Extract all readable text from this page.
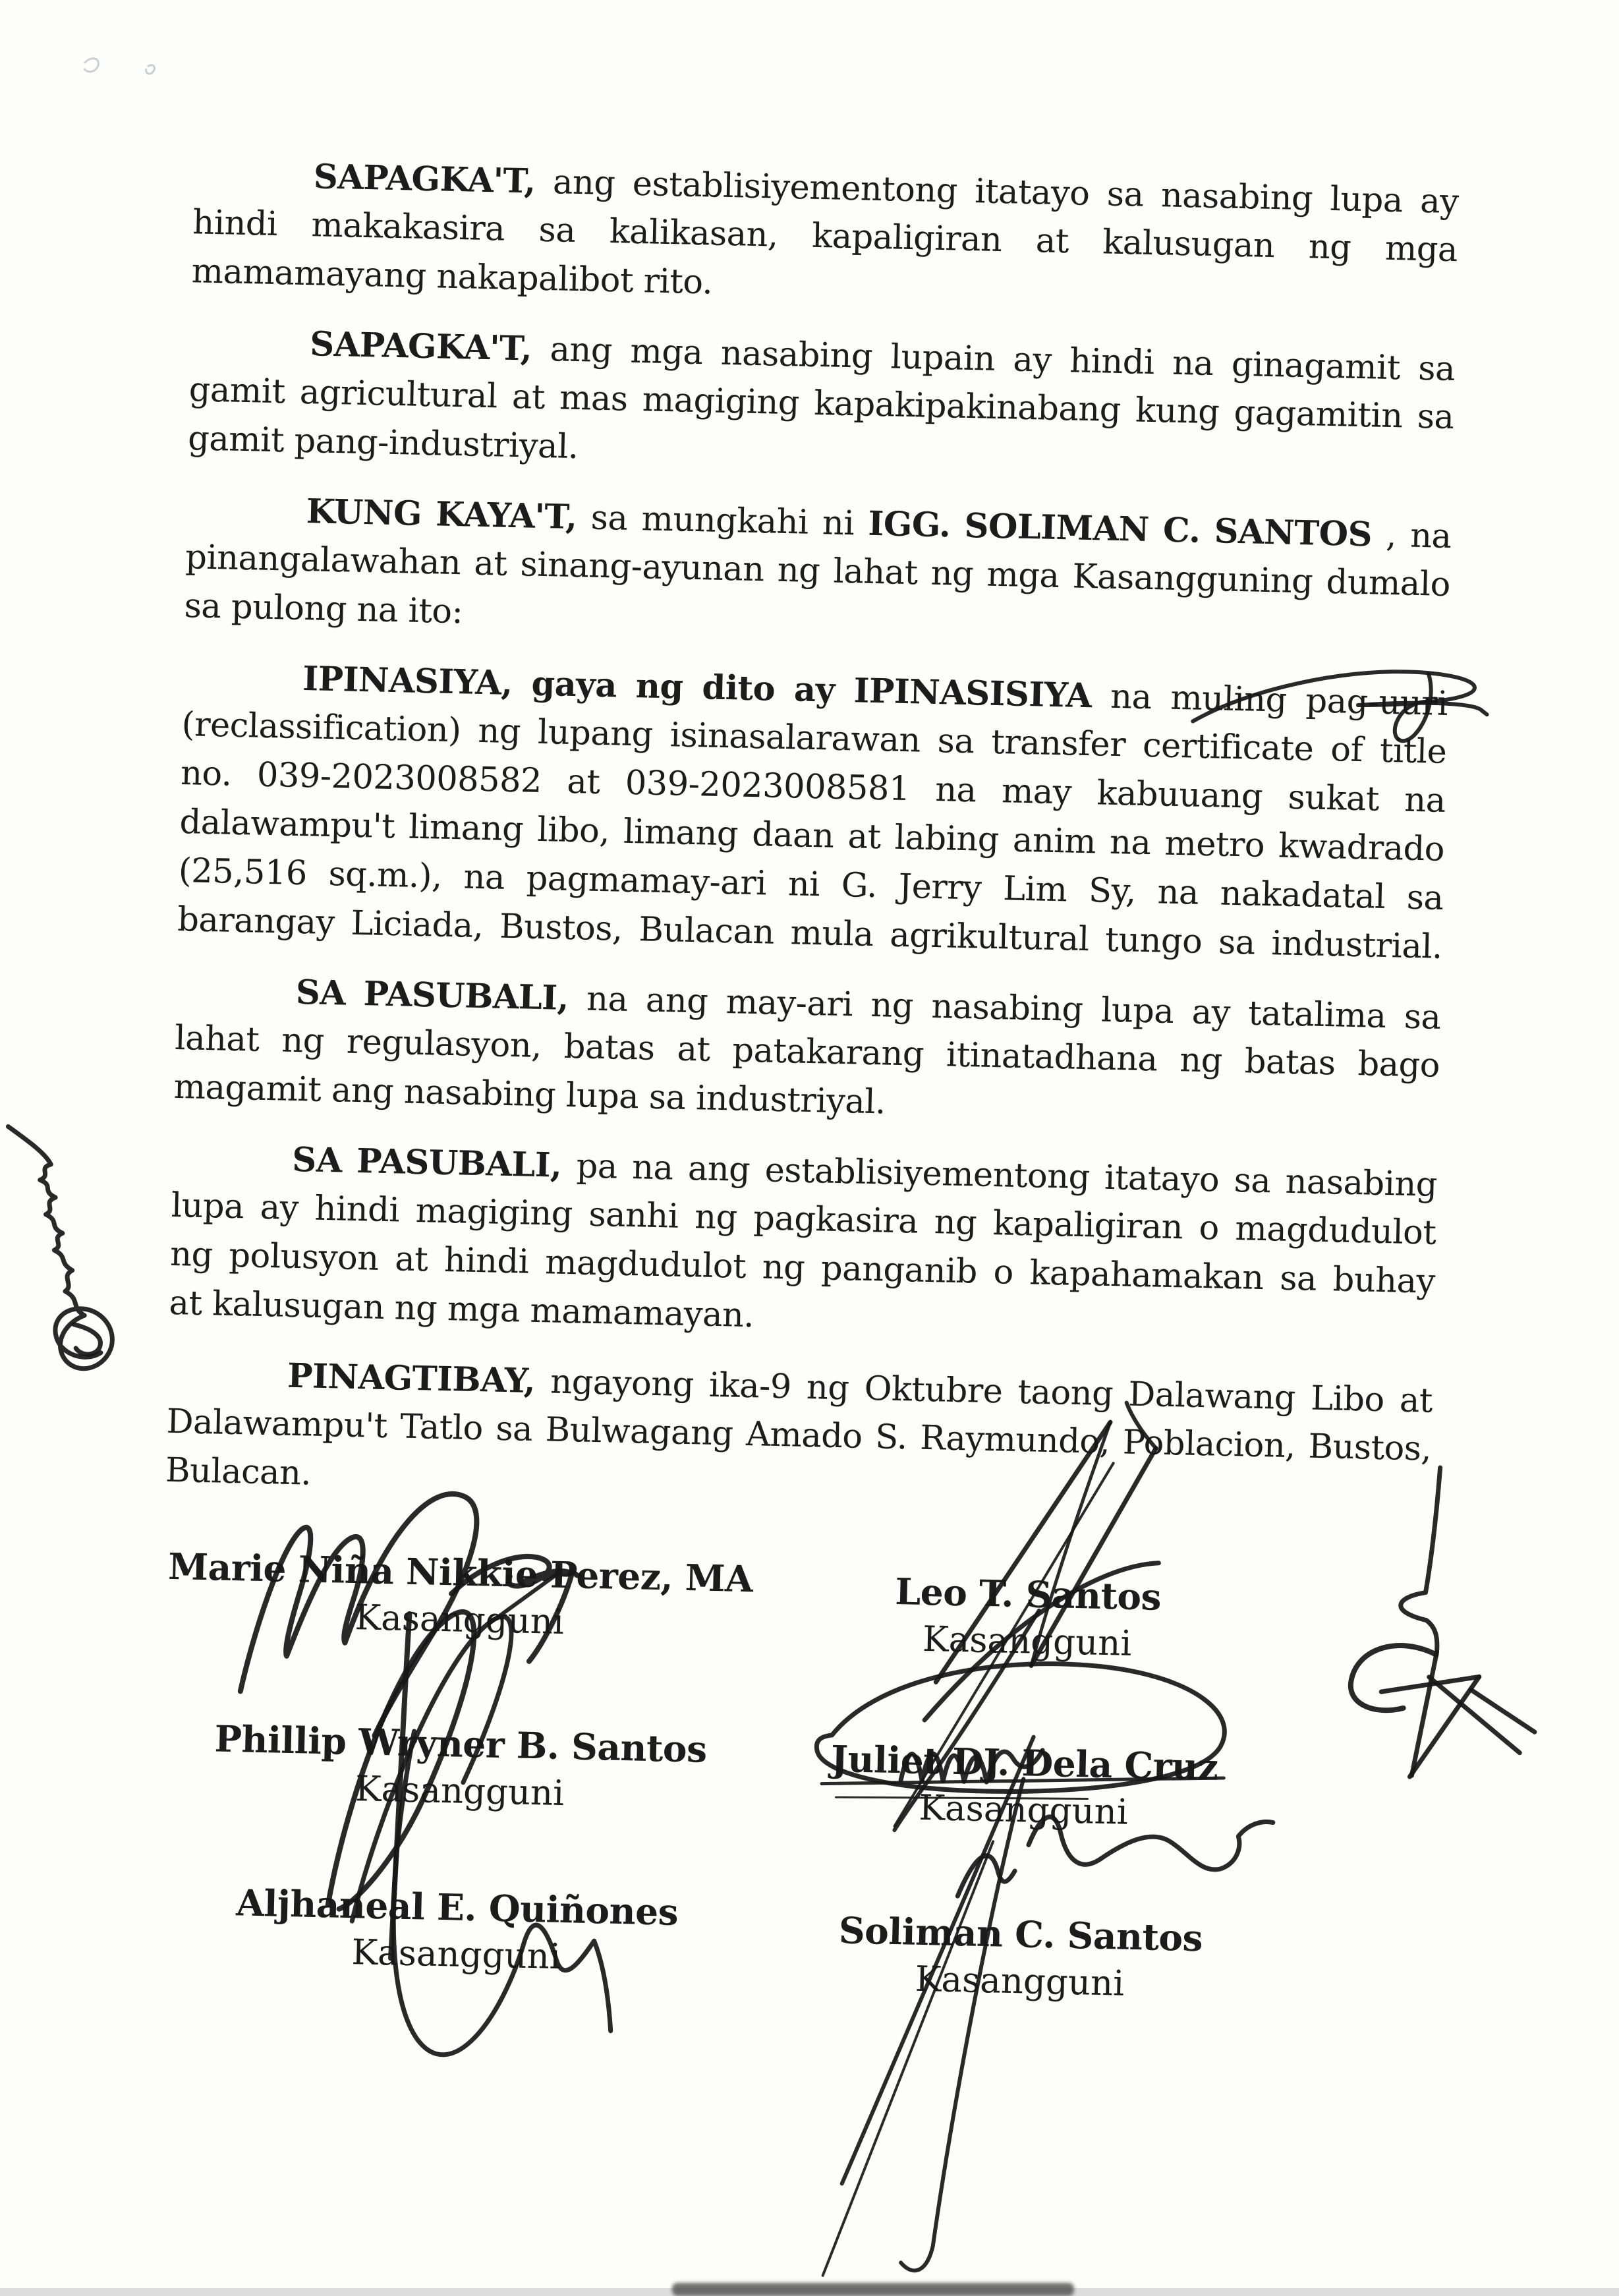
SAPAGKA'T, ang establisiyementong itatayo sa nasabing lupa ay
hindi makakasira sa kalikasan, kapaligiran at kalusugan ng mga
mamamayang nakapalibot rito.
SAPAGKA'T, ang mga nasabing lupain ay hindi na ginagamit sa
gamit agricultural at mas magiging kapakipakinabang kung gagamitin sa
gamit pang-industriyal.
KUNG KAYA'T, sa mungkahi ni IGG. SOLIMAN C. SANTOS , na
pinangalawahan at sinang-ayunan ng lahat ng mga Kasangguning dumalo
sa pulong na ito:
IPINASIYA, gaya ng dito ay IPINASISIYA na muling pag-uuri
(reclassification) ng lupang isinasalarawan sa transfer certificate of title
no. 039-2023008582 at 039-2023008581 na may kabuuang sukat na
dalawampu't limang libo, limang daan at labing anim na metro kwadrado
(25,516 sq.m.), na pagmamay-ari ni G. Jerry Lim Sy, na nakadatal sa
barangay Liciada, Bustos, Bulacan mula agrikultural tungo sa industrial.
SA PASUBALI, na ang may-ari ng nasabing lupa ay tatalima sa
lahat ng regulasyon, batas at patakarang itinatadhana ng batas bago
magamit ang nasabing lupa sa industriyal.
SA PASUBALI, pa na ang establisiyementong itatayo sa nasabing
lupa ay hindi magiging sanhi ng pagkasira ng kapaligiran o magdudulot
ng polusyon at hindi magdudulot ng panganib o kapahamakan sa buhay
at kalusugan ng mga mamamayan.
PINAGTIBAY, ngayong ika-9 ng Oktubre taong Dalawang Libo at
Dalawampu't Tatlo sa Bulwagang Amado S. Raymundo, Poblacion, Bustos,
Bulacan.
Marie Niña Nikkie Perez, MA
Kasangguni
Phillip Wryner B. Santos
Kasangguni
Aljhaneal E. Quiñones
Kasangguni
Leo T. Santos
Kasangguni
Juliet DJ. Dela Cruz
Kasangguni
Soliman C. Santos
Kasangguni
